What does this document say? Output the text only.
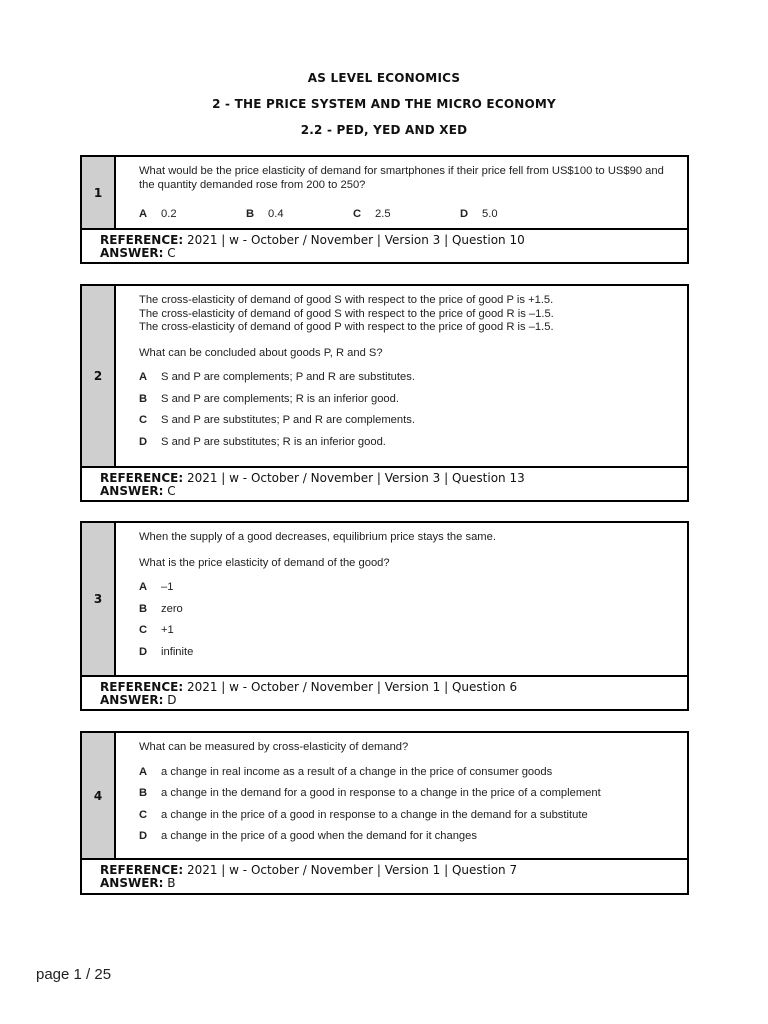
AS LEVEL ECONOMICS
2 - THE PRICE SYSTEM AND THE MICRO ECONOMY
2.2 - PED, YED AND XED
1

What would be the price elasticity of demand for smartphones if their price fell from US$100 to US$90 and the quantity demanded rose from 200 to 250?

A	0.2	B	0.4	C	2.5	D	5.0
REFERENCE: 2021 | w - October / November | Version 3 | Question 10
ANSWER: C
2

The cross-elasticity of demand of good S with respect to the price of good P is +1.5.

The cross-elasticity of demand of good S with respect to the price of good R is –1.5.

The cross-elasticity of demand of good P with respect to the price of good R is –1.5.

What can be concluded about goods P, R and S?

A	S and P are complements; P and R are substitutes.
B	S and P are complements; R is an inferior good.
C	S and P are substitutes; P and R are complements.
D	S and P are substitutes; R is an inferior good.
REFERENCE: 2021 | w - October / November | Version 3 | Question 13
ANSWER: C
3

When the supply of a good decreases, equilibrium price stays the same.

What is the price elasticity of demand of the good?

A	–1
B	zero
C	+1
D	infinite
REFERENCE: 2021 | w - October / November | Version 1 | Question 6
ANSWER: D
4

What can be measured by cross-elasticity of demand?

A	a change in real income as a result of a change in the price of consumer goods
B	a change in the demand for a good in response to a change in the price of a complement
C	a change in the price of a good in response to a change in the demand for a substitute
D	a change in the price of a good when the demand for it changes
REFERENCE: 2021 | w - October / November | Version 1 | Question 7
ANSWER: B
page 1 / 25
